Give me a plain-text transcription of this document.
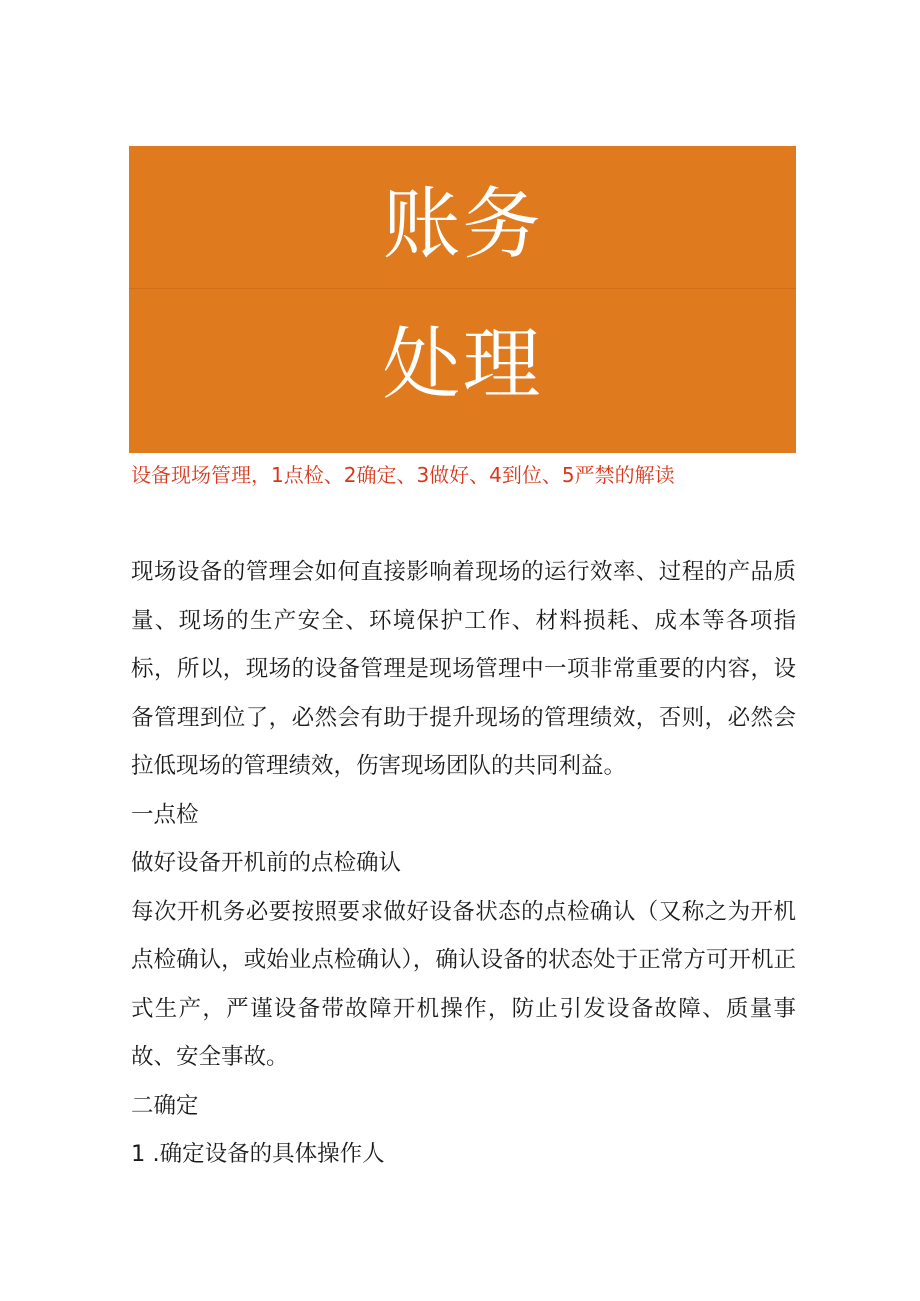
账务
处理
设备现场管理，1点检、2确定、3做好、4到位、5严禁的解读

现场设备的管理会如何直接影响着现场的运行效率、过程的产品质量、现场的生产安全、环境保护工作、材料损耗、成本等各项指标，所以，现场的设备管理是现场管理中一项非常重要的内容，设备管理到位了，必然会有助于提升现场的管理绩效，否则，必然会拉低现场的管理绩效，伤害现场团队的共同利益。

一点检

做好设备开机前的点检确认

每次开机务必要按照要求做好设备状态的点检确认（又称之为开机点检确认，或始业点检确认），确认设备的状态处于正常方可开机正式生产，严谨设备带故障开机操作，防止引发设备故障、质量事故、安全事故。

二确定

1 .确定设备的具体操作人
